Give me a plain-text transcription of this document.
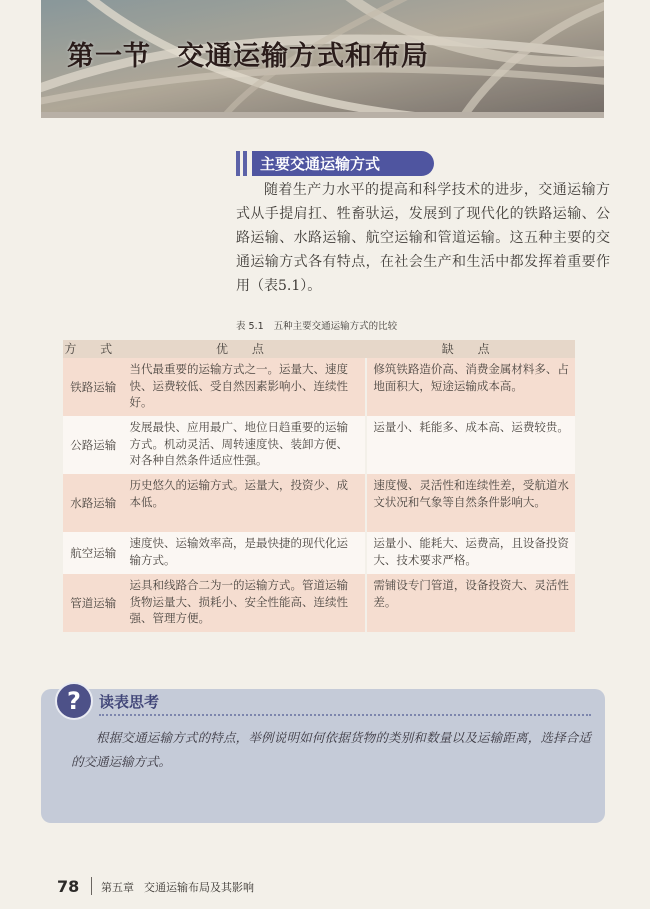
第一节 交通运输方式和布局
主要交通运输方式

随着生产力水平的提高和科学技术的进步，交通运输方式从手提肩扛、牲畜驮运，发展到了现代化的铁路运输、公路运输、水路运输、航空运输和管道运输。这五种主要的交通运输方式各有特点，在社会生产和生活中都发挥着重要作用（表5.1）。

表 5.1 五种主要交通运输方式的比较
方 式	优 点	缺 点
铁路运输	当代最重要的运输方式之一。运量大、速度快、运费较低、受自然因素影响小、连续性好。	修筑铁路造价高、消费金属材料多、占地面积大，短途运输成本高。
公路运输	发展最快、应用最广、地位日趋重要的运输方式。机动灵活、周转速度快、装卸方便、对各种自然条件适应性强。	运量小、耗能多、成本高、运费较贵。
水路运输	历史悠久的运输方式。运量大，投资少、成本低。	速度慢、灵活性和连续性差，受航道水文状况和气象等自然条件影响大。
航空运输	速度快、运输效率高，是最快捷的现代化运输方式。	运量小、能耗大、运费高，且设备投资大、技术要求严格。
管道运输	运具和线路合二为一的运输方式。管道运输货物运量大、损耗小、安全性能高、连续性强、管理方便。	需铺设专门管道，设备投资大、灵活性差。
?	读表思考

根据交通运输方式的特点，举例说明如何依据货物的类别和数量以及运输距离，选择合适的交通运输方式。

78 第五章 交通运输布局及其影响
